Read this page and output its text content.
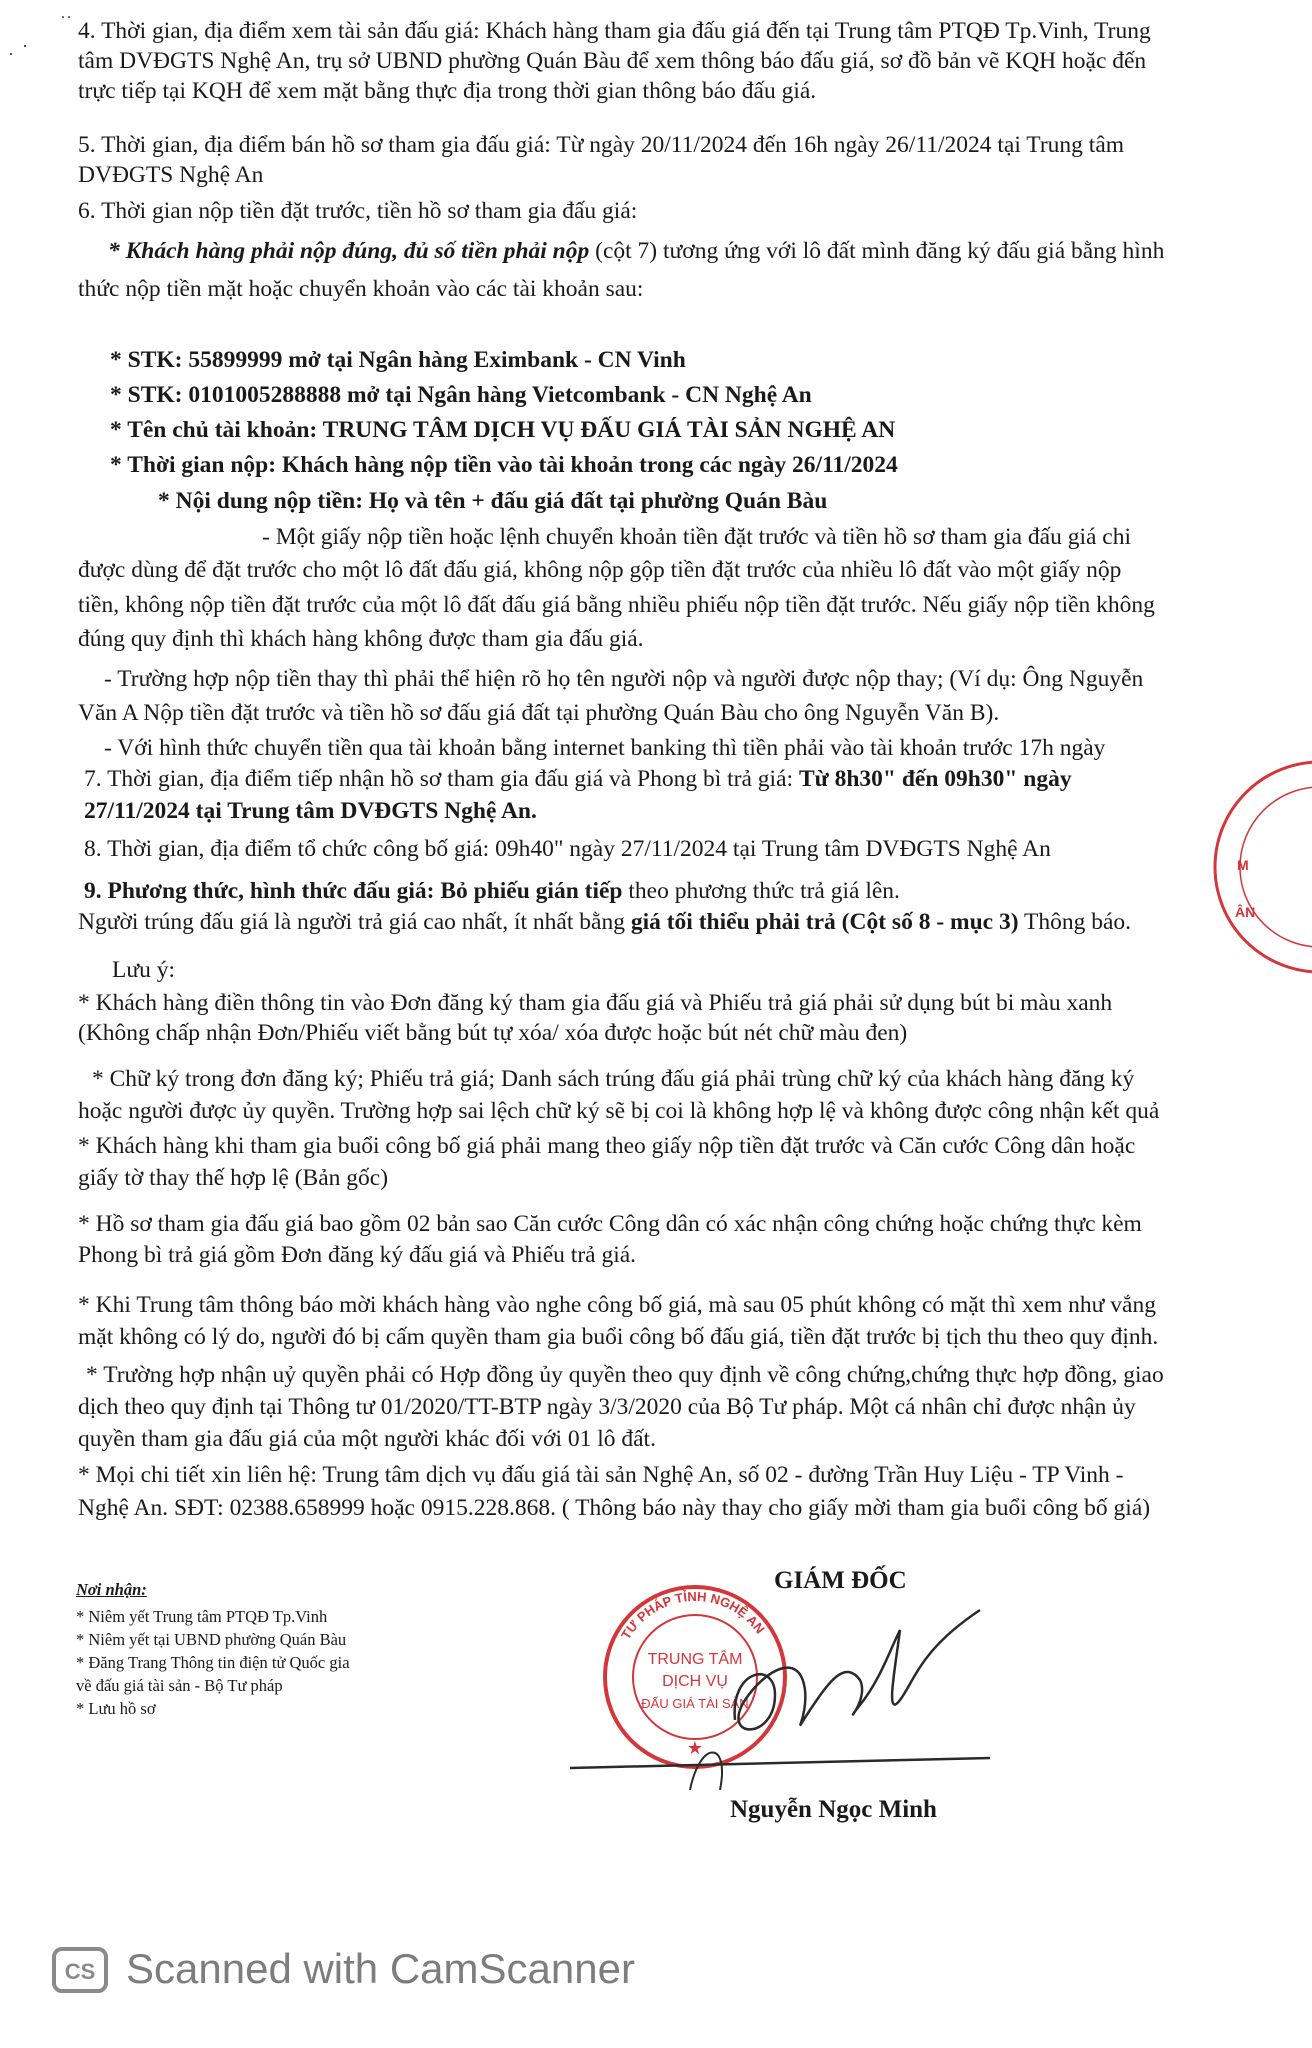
· ·
˙˙ 4. Thời gian, địa điểm xem tài sản đấu giá: Khách hàng tham gia đấu giá đến tại Trung tâm PTQĐ Tp.Vinh, Trung
tâm DVĐGTS Nghệ An, trụ sở UBND phường Quán Bàu để xem thông báo đấu giá, sơ đồ bản vẽ KQH hoặc đến
trực tiếp tại KQH để xem mặt bằng thực địa trong thời gian thông báo đấu giá.
5. Thời gian, địa điểm bán hồ sơ tham gia đấu giá: Từ ngày 20/11/2024 đến 16h ngày 26/11/2024 tại Trung tâm
DVĐGTS Nghệ An
6. Thời gian nộp tiền đặt trước, tiền hồ sơ tham gia đấu giá:
* Khách hàng phải nộp đúng, đủ số tiền phải nộp (cột 7) tương ứng với lô đất mình đăng ký đấu giá bằng hình
thức nộp tiền mặt hoặc chuyển khoản vào các tài khoản sau:
* STK: 55899999 mở tại Ngân hàng Eximbank - CN Vinh
* STK: 0101005288888 mở tại Ngân hàng Vietcombank - CN Nghệ An
* Tên chủ tài khoản: TRUNG TÂM DỊCH VỤ ĐẤU GIÁ TÀI SẢN NGHỆ AN
* Thời gian nộp: Khách hàng nộp tiền vào tài khoản trong các ngày 26/11/2024
* Nội dung nộp tiền: Họ và tên + đấu giá đất tại phường Quán Bàu
- Một giấy nộp tiền hoặc lệnh chuyển khoản tiền đặt trước và tiền hồ sơ tham gia đấu giá chi
được dùng để đặt trước cho một lô đất đấu giá, không nộp gộp tiền đặt trước của nhiều lô đất vào một giấy nộp
tiền, không nộp tiền đặt trước của một lô đất đấu giá bằng nhiều phiếu nộp tiền đặt trước. Nếu giấy nộp tiền không
đúng quy định thì khách hàng không được tham gia đấu giá.
- Trường hợp nộp tiền thay thì phải thể hiện rõ họ tên người nộp và người được nộp thay; (Ví dụ: Ông Nguyễn
Văn A Nộp tiền đặt trước và tiền hồ sơ đấu giá đất tại phường Quán Bàu cho ông Nguyễn Văn B).
- Với hình thức chuyển tiền qua tài khoản bằng internet banking thì tiền phải vào tài khoản trước 17h ngày
7. Thời gian, địa điểm tiếp nhận hồ sơ tham gia đấu giá và Phong bì trả giá: Từ 8h30" đến 09h30" ngày
27/11/2024 tại Trung tâm DVĐGTS Nghệ An.
8. Thời gian, địa điểm tổ chức công bố giá: 09h40" ngày 27/11/2024 tại Trung tâm DVĐGTS Nghệ An
9. Phương thức, hình thức đấu giá: Bỏ phiếu gián tiếp theo phương thức trả giá lên.
Người trúng đấu giá là người trả giá cao nhất, ít nhất bằng giá tối thiểu phải trả (Cột số 8 - mục 3) Thông báo.
Lưu ý:
* Khách hàng điền thông tin vào Đơn đăng ký tham gia đấu giá và Phiếu trả giá phải sử dụng bút bi màu xanh
(Không chấp nhận Đơn/Phiếu viết bằng bút tự xóa/ xóa được hoặc bút nét chữ màu đen)
* Chữ ký trong đơn đăng ký; Phiếu trả giá; Danh sách trúng đấu giá phải trùng chữ ký của khách hàng đăng ký
hoặc người được ủy quyền. Trường hợp sai lệch chữ ký sẽ bị coi là không hợp lệ và không được công nhận kết quả
* Khách hàng khi tham gia buổi công bố giá phải mang theo giấy nộp tiền đặt trước và Căn cước Công dân hoặc
giấy tờ thay thế hợp lệ (Bản gốc)
* Hồ sơ tham gia đấu giá bao gồm 02 bản sao Căn cước Công dân có xác nhận công chứng hoặc chứng thực kèm
Phong bì trả giá gồm Đơn đăng ký đấu giá và Phiếu trả giá.
* Khi Trung tâm thông báo mời khách hàng vào nghe công bố giá, mà sau 05 phút không có mặt thì xem như vắng
mặt không có lý do, người đó bị cấm quyền tham gia buổi công bố đấu giá, tiền đặt trước bị tịch thu theo quy định.
* Trường hợp nhận uỷ quyền phải có Hợp đồng ủy quyền theo quy định về công chứng,chứng thực hợp đồng, giao
dịch theo quy định tại Thông tư 01/2020/TT-BTP ngày 3/3/2020 của Bộ Tư pháp. Một cá nhân chỉ được nhận ủy
quyền tham gia đấu giá của một người khác đối với 01 lô đất.
* Mọi chi tiết xin liên hệ: Trung tâm dịch vụ đấu giá tài sản Nghệ An, số 02 - đường Trần Huy Liệu - TP Vinh -
Nghệ An. SĐT: 02388.658999 hoặc 0915.228.868. ( Thông báo này thay cho giấy mời tham gia buổi công bố giá)
Nơi nhận:
* Niêm yết Trung tâm PTQĐ Tp.Vinh
* Niêm yết tại UBND phường Quán Bàu
* Đăng Trang Thông tin điện tử Quốc gia
về đấu giá tài sản - Bộ Tư pháp
* Lưu hồ sơ
GIÁM ĐỐC
TƯ PHÁP TỈNH NGHỆ AN
TRUNG TÂM
DỊCH VỤ
ĐẤU GIÁ TÀI SẢN
★
Nguyễn Ngọc Minh
M
ÂN
CS Scanned with CamScanner
